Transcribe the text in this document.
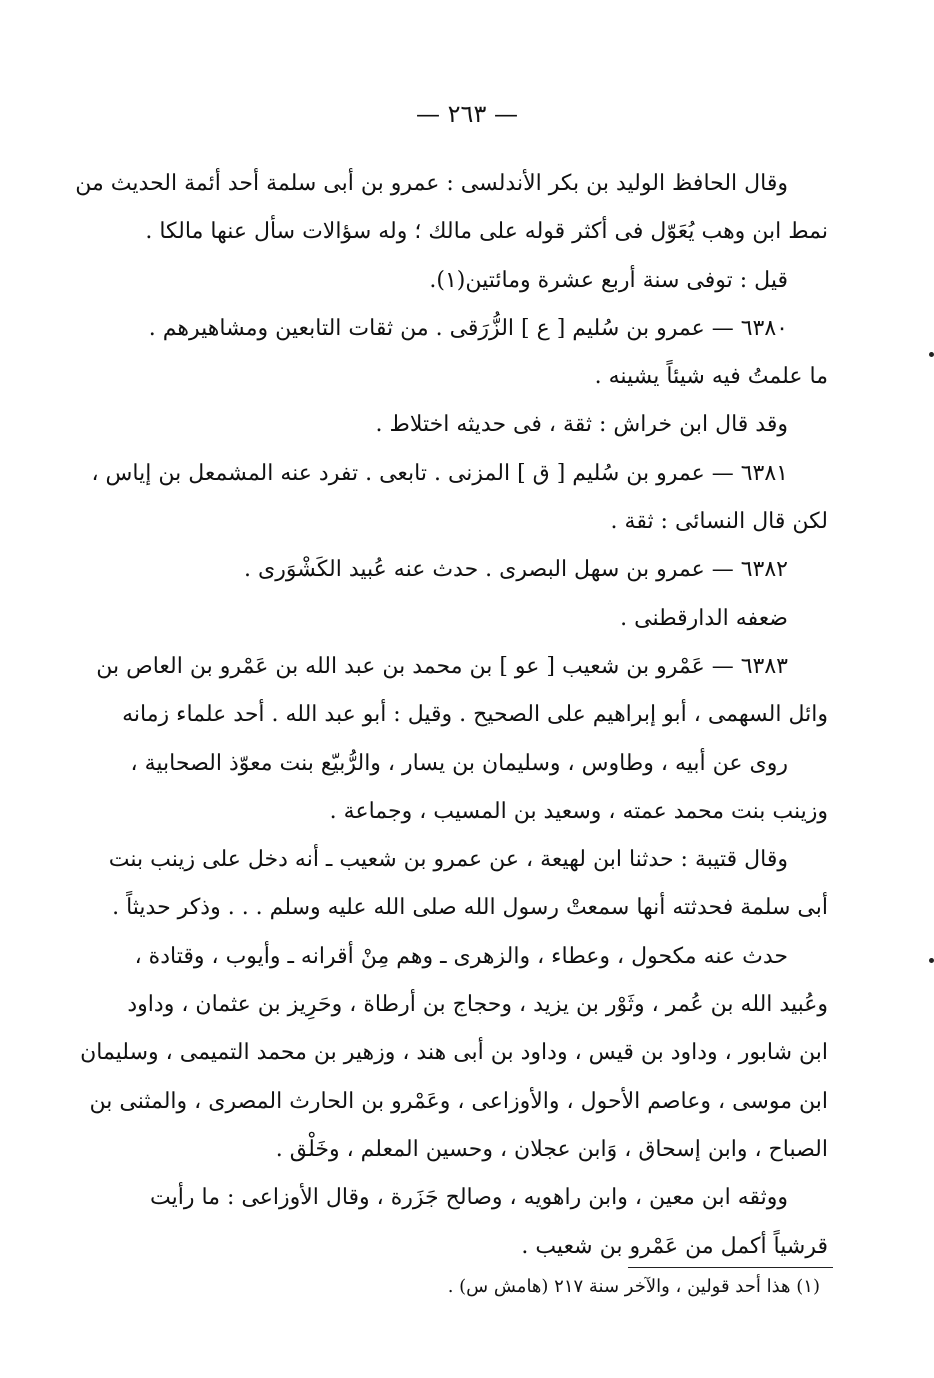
— ٢٦٣ —
وقال الحافظ الوليد بن بكر الأندلسى : عمرو بن أبى سلمة أحد أئمة الحديث من
نمط ابن وهب يُعَوّل فى أكثر قوله على مالك ؛ وله سؤالات سأل عنها مالكا .
قيل : توفى سنة أربع عشرة ومائتين(١).
٦٣٨٠ — عمرو بن سُليم [ ع ] الزُّرَقى . من ثقات التابعين ومشاهيرهم .
ما علمتُ فيه شيئاً يشينه .
وقد قال ابن خراش : ثقة ، فى حديثه اختلاط .
٦٣٨١ — عمرو بن سُليم [ ق ] المزنى . تابعى . تفرد عنه المشمعل بن إياس ،
لكن قال النسائى : ثقة .
٦٣٨٢ — عمرو بن سهل البصرى . حدث عنه عُبيد الكَشْوَرى .
ضعفه الدارقطنى .
٦٣٨٣ — عَمْرو بن شعيب [ عو ] بن محمد بن عبد الله بن عَمْرو بن العاص بن
وائل السهمى ، أبو إبراهيم على الصحيح . وقيل : أبو عبد الله . أحد علماء زمانه
روى عن أبيه ، وطاوس ، وسليمان بن يسار ، والرُّبيّع بنت معوّذ الصحابية ،
وزينب بنت محمد عمته ، وسعيد بن المسيب ، وجماعة .
وقال قتيبة : حدثنا ابن لهيعة ، عن عمرو بن شعيب ـ أنه دخل على زينب بنت
أبى سلمة فحدثته أنها سمعتْ رسول الله صلى الله عليه وسلم . . . وذكر حديثاً .
حدث عنه مكحول ، وعطاء ، والزهرى ـ وهم مِنْ أقرانه ـ وأيوب ، وقتادة ،
وعُبيد الله بن عُمر ، وثَوْر بن يزيد ، وحجاج بن أرطاة ، وحَرِيز بن عثمان ، وداود
ابن شابور ، وداود بن قيس ، وداود بن أبى هند ، وزهير بن محمد التميمى ، وسليمان
ابن موسى ، وعاصم الأحول ، والأوزاعى ، وعَمْرو بن الحارث المصرى ، والمثنى بن
الصباح ، وابن إسحاق ، وَابن عجلان ، وحسين المعلم ، وخَلْق .
ووثقه ابن معين ، وابن راهويه ، وصالح جَزَرة ، وقال الأوزاعى : ما رأيت
قرشياً أكمل من عَمْرو بن شعيب .
(١) هذا أحد قولين ، والآخر سنة ٢١٧ (هامش س) .
